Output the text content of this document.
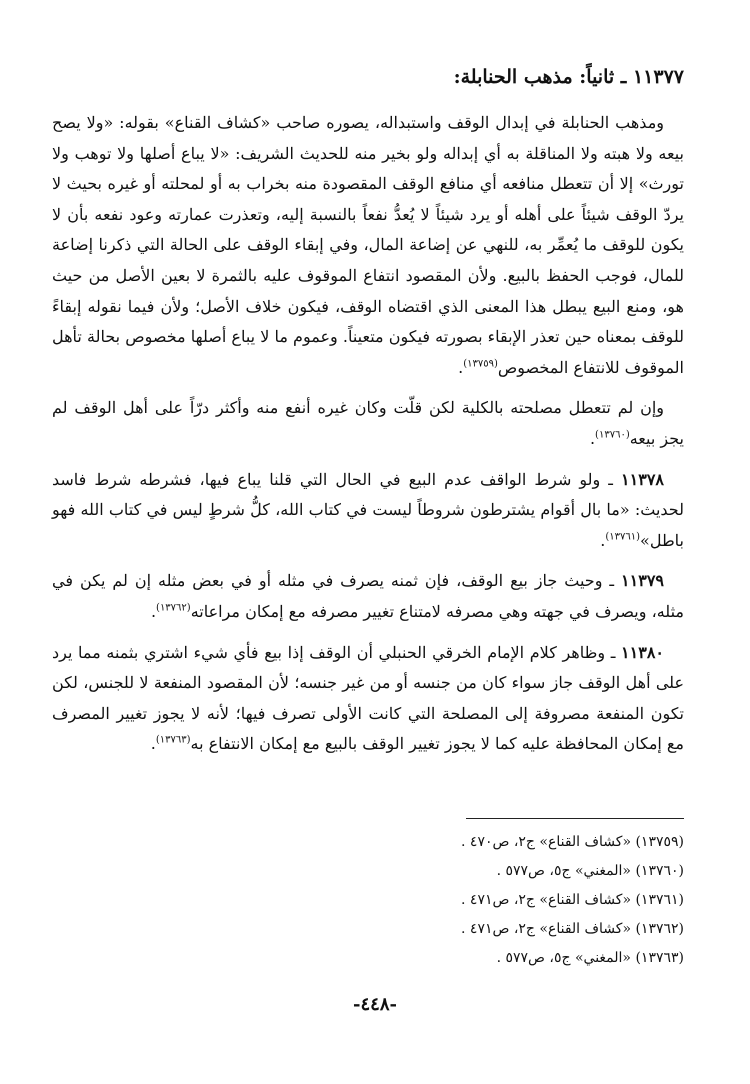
١١٣٧٧ ـ ثانياً: مذهب الحنابلة:

ومذهب الحنابلة في إبدال الوقف واستبداله، يصوره صاحب «كشاف القناع» بقوله: «ولا يصح بيعه ولا هبته ولا المناقلة به أي إبداله ولو بخير منه للحديث الشريف: «لا يباع أصلها ولا توهب ولا تورث» إلا أن تتعطل منافعه أي منافع الوقف المقصودة منه بخراب به أو لمحلته أو غيره بحيث لا يردّ الوقف شيئاً على أهله أو يرد شيئاً لا يُعدُّ نفعاً بالنسبة إليه، وتعذرت عمارته وعود نفعه بأن لا يكون للوقف ما يُعمِّر به، للنهي عن إضاعة المال، وفي إبقاء الوقف على الحالة التي ذكرنا إضاعة للمال، فوجب الحفظ بالبيع. ولأن المقصود انتفاع الموقوف عليه بالثمرة لا بعين الأصل من حيث هو، ومنع البيع يبطل هذا المعنى الذي اقتضاه الوقف، فيكون خلاف الأصل؛ ولأن فيما نقوله إبقاءً للوقف بمعناه حين تعذر الإبقاء بصورته فيكون متعيناً. وعموم ما لا يباع أصلها مخصوص بحالة تأهل الموقوف للانتفاع المخصوص$^{(١٣٧٥٩)}$.

وإن لم تتعطل مصلحته بالكلية لكن قلّت وكان غيره أنفع منه وأكثر درّاً على أهل الوقف لم يجز بيعه$^{(١٣٧٦٠)}$.

١١٣٧٨ ـ ولو شرط الواقف عدم البيع في الحال التي قلنا يباع فيها، فشرطه شرط فاسد لحديث: «ما بال أقوام يشترطون شروطاً ليست في كتاب الله، كلُّ شرطٍ ليس في كتاب الله فهو باطل»$^{(١٣٧٦١)}$.

١١٣٧٩ ـ وحيث جاز بيع الوقف، فإن ثمنه يصرف في مثله أو في بعض مثله إن لم يكن في مثله، ويصرف في جهته وهي مصرفه لامتناع تغيير مصرفه مع إمكان مراعاته$^{(١٣٧٦٢)}$.

١١٣٨٠ ـ وظاهر كلام الإمام الخرقي الحنبلي أن الوقف إذا بيع فأي شيء اشتري بثمنه مما يرد على أهل الوقف جاز سواء كان من جنسه أو من غير جنسه؛ لأن المقصود المنفعة لا للجنس، لكن تكون المنفعة مصروفة إلى المصلحة التي كانت الأولى تصرف فيها؛ لأنه لا يجوز تغيير المصرف مع إمكان المحافظة عليه كما لا يجوز تغيير الوقف بالبيع مع إمكان الانتفاع به$^{(١٣٧٦٣)}$.

(١٣٧٥٩) «كشاف القناع» ج٢، ص٤٧٠ .
(١٣٧٦٠) «المغني» ج٥، ص٥٧٧ .
(١٣٧٦١) «كشاف القناع» ج٢، ص٤٧١ .
(١٣٧٦٢) «كشاف القناع» ج٢، ص٤٧١ .
(١٣٧٦٣) «المغني» ج٥، ص٥٧٧ .
-٤٤٨-
